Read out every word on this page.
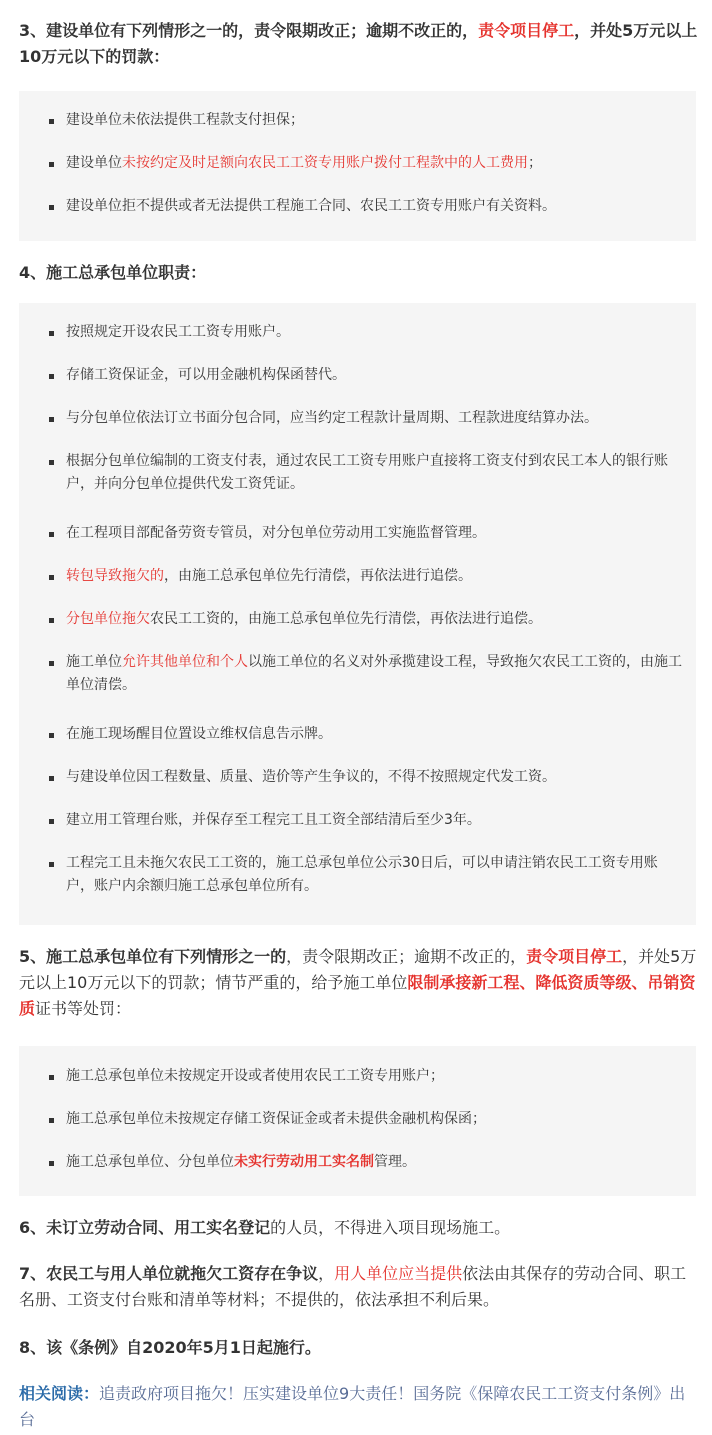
3、建设单位有下列情形之一的，责令限期改正；逾期不改正的，责令项目停工，并处5万元以上10万元以下的罚款：
建设单位未依法提供工程款支付担保；
建设单位未按约定及时足额向农民工工资专用账户拨付工程款中的人工费用；
建设单位拒不提供或者无法提供工程施工合同、农民工工资专用账户有关资料。
4、施工总承包单位职责：
按照规定开设农民工工资专用账户。
存储工资保证金，可以用金融机构保函替代。
与分包单位依法订立书面分包合同，应当约定工程款计量周期、工程款进度结算办法。
根据分包单位编制的工资支付表，通过农民工工资专用账户直接将工资支付到农民工本人的银行账户，并向分包单位提供代发工资凭证。
在工程项目部配备劳资专管员，对分包单位劳动用工实施监督管理。
转包导致拖欠的，由施工总承包单位先行清偿，再依法进行追偿。
分包单位拖欠农民工工资的，由施工总承包单位先行清偿，再依法进行追偿。
施工单位允许其他单位和个人以施工单位的名义对外承揽建设工程，导致拖欠农民工工资的，由施工单位清偿。
在施工现场醒目位置设立维权信息告示牌。
与建设单位因工程数量、质量、造价等产生争议的，不得不按照规定代发工资。
建立用工管理台账，并保存至工程完工且工资全部结清后至少3年。
工程完工且未拖欠农民工工资的，施工总承包单位公示30日后，可以申请注销农民工工资专用账户，账户内余额归施工总承包单位所有。
5、施工总承包单位有下列情形之一的，责令限期改正；逾期不改正的，责令项目停工，并处5万元以上10万元以下的罚款；情节严重的，给予施工单位限制承接新工程、降低资质等级、吊销资质证书等处罚：
施工总承包单位未按规定开设或者使用农民工工资专用账户；
施工总承包单位未按规定存储工资保证金或者未提供金融机构保函；
施工总承包单位、分包单位未实行劳动用工实名制管理。
6、未订立劳动合同、用工实名登记的人员，不得进入项目现场施工。
7、农民工与用人单位就拖欠工资存在争议，用人单位应当提供依法由其保存的劳动合同、职工名册、工资支付台账和清单等材料；不提供的，依法承担不利后果。
8、该《条例》自2020年5月1日起施行。
相关阅读：追责政府项目拖欠！压实建设单位9大责任！国务院《保障农民工工资支付条例》出台
